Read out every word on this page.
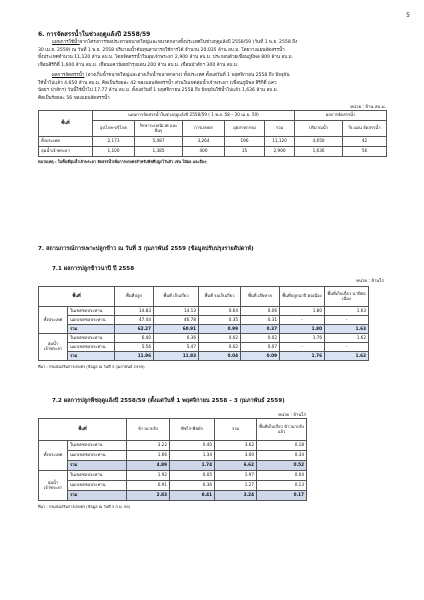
5
6. การจัดสรรน้ำในช่วงฤดูแล้งปี 2558/59

แผนการใช้น้ำจากโครงการชลประทานขนาดใหญ่และขนาดกลางทั้งประเทศในช่วงฤดูแล้งปี 2558/59 (วันที่ 1 พ.ย. 2558 ถึง

30 เม.ย. 2559) ณ วันที่ 1 พ.ย. 2558 ปริมาณน้ำต้นทุนสามารถใช้การได้ จำนวน 20,035 ล้าน ลบ.ม. โดยวางแผนจัดสรรน้ำ

ทั้งประเทศจำนวน 11,120 ล้าน ลบ.ม. โดยจัดสรรน้ำในลุ่มเจ้าพระยา 2,900 ล้าน ลบ.ม. ประกอบด้วยเขื่อนภูมิพล 800 ล้าน ลบ.ม.

เขื่อนสิริกิติ์ 1,600 ล้าน ลบ.ม. เขื่อนแควน้อยบำรุงแดน 200 ล้าน ลบ.ม. เขื่อนป่าสักฯ 300 ล้าน ลบ.ม.

ผลการจัดสรรน้ำ (อ่างเก็บน้ำขนาดใหญ่และอ่างเก็บน้ำขนาดกลาง) ทั้งประเทศ ตั้งแต่วันที่ 1 พฤศจิกายน 2558 ถึง ปัจจุบัน

ใช้น้ำไปแล้ว 4,650 ล้าน ลบ.ม. คิดเป็นร้อยละ 42 ของแผนจัดสรรน้ำ ส่วนในเขตลุ่มน้ำเจ้าพระยา (เขื่อนภูมิพล สิริกิติ์ แคว

น้อยฯ ป่าสักฯ) วันนี้ใช้น้ำไป 17.77 ล้าน ลบ.ม. ตั้งแต่วันที่ 1 พฤศจิกายน 2558 ถึง ปัจจุบันใช้น้ำไปแล้ว 1,636 ล้าน ลบ.ม.

คิดเป็นร้อยละ 56 ของแผนจัดสรรน้ำ

หน่วย : ล้าน ลบ.ม.
พื้นที่	แผนการจัดสรรน้ำในช่วงฤดูแล้งปี 2558/59 ( 1 พ.ย. 58 – 30 เม.ย. 59)					ผลการจัดสรรน้ำ	
	อุปโภค-บริโภค	รักษาระบบนิเวศ และอื่นๆ	การเกษตร	อุตสาหกรรม	รวม	ปริมาณน้ำ	% แผน จัดสรรน้ำ
ทั้งประเทศ	2,173	5,487	3,264	196	11,120	4,650	42
ลุ่มน้ำเจ้าพระยา	1,100	1,385	400	15	2,900	1,636	56
หมายเหตุ : ในพื้นที่ลุ่มน้ำเจ้าพระยา จัดสรรน้ำเพื่อการเกษตรสำหรับพืชที่ปลูกไว้แล้ว เช่น ไม้ผล และอื่นๆ
7. สถานการณ์การเพาะปลูกข้าว ณ วันที่ 3 กุมภาพันธ์ 2559 (ข้อมูลปรับปรุงรายสัปดาห์)
7.1 ผลการปลูกข้าวนาปี ปี 2558
หน่วย : ล้านไร่
พื้นที่		พื้นที่ปลูก	พื้นที่ เก็บเกี่ยว	พื้นที่ รอเก็บเกี่ยว	พื้นที่ เสียหาย	พื้นที่ปลูกนาปี ต่อเนื่อง	พื้นที่เก็บเกี่ยว นาปีต่อเนื่อง
ทั้งประเทศ	ในเขตชลประทาน	14.83	14.13	0.64	0.06	1.80	1.63
	นอกเขตชลประทาน	47.44	46.78	0.35	0.31	-	-
	รวม	62.27	60.91	0.99	0.37	1.80	1.63
ลุ่มน้ำ เจ้าพระยา	ในเขตชลประทาน	6.40	6.36	0.02	0.02	1.76	1.62
	นอกเขตชลประทาน	5.56	5.47	0.02	0.07	-	-
	รวม	11.96	11.83	0.04	0.09	1.76	1.62
ที่มา : กรมส่งเสริมการเกษตร (ข้อมูล ณ วันที่ 3 กุมภาพันธ์ 2559)
7.2 ผลการปลูกพืชฤดูแล้งปี 2558/59 (ตั้งแต่วันที่ 1 พฤศจิกายน 2558 – 3 กุมภาพันธ์ 2559)
หน่วย : ล้านไร่
พื้นที่		ข้าวนาปรัง	พืชไร่-พืชผัก	รวม	พื้นที่เก็บเกี่ยว ข้าวนาปรังแล้ว
ทั้งประเทศ	ในเขตชลประทาน	3.22	0.40	3.62	0.18
	นอกเขตชลประทาน	1.66	1.34	3.00	0.34
	รวม	4.89	1.74	6.62	0.52
ลุ่มน้ำ เจ้าพระยา	ในเขตชลประทาน	1.92	0.05	1.97	0.04
	นอกเขตชลประทาน	0.91	0.36	1.27	0.13
	รวม	2.83	0.41	3.24	0.17
ที่มา : กรมส่งเสริมการเกษตร (ข้อมูล ณ วันที่ 3 ก.พ. 59)
